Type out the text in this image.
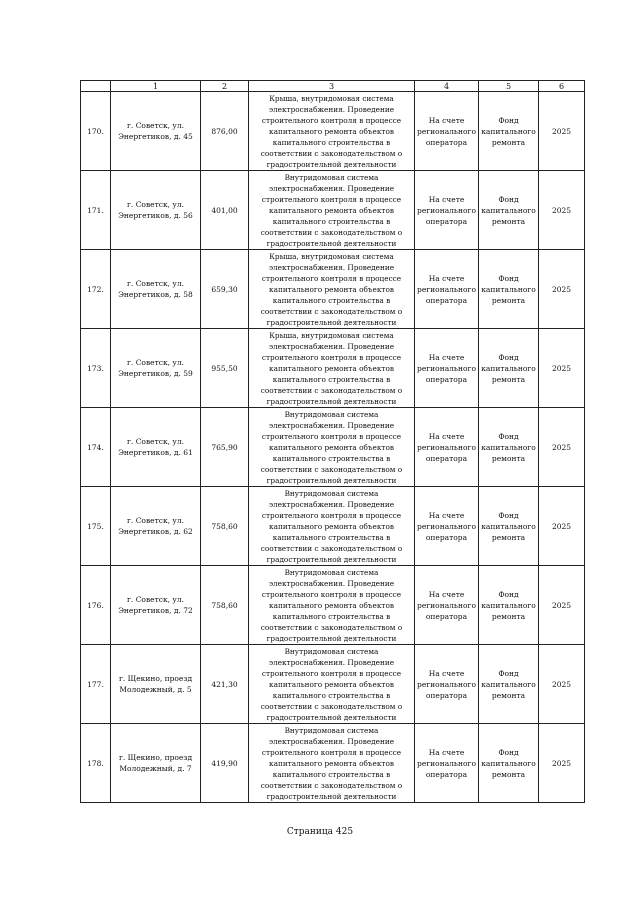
	1	2	3	4	5	6
170.	г. Советск, ул. Энергетиков, д. 45	876,00	Крыша, внутридомовая система электроснабжения. Проведение строительного контроля в процессе капитального ремонта объектов капитального строительства в соответствии с законодательством о градостроительной деятельности	На счете регионального оператора	Фонд капитального ремонта	2025
171.	г. Советск, ул. Энергетиков, д. 56	401,00	Внутридомовая система электроснабжения. Проведение строительного контроля в процессе капитального ремонта объектов капитального строительства в соответствии с законодательством о градостроительной деятельности	На счете регионального оператора	Фонд капитального ремонта	2025
172.	г. Советск, ул. Энергетиков, д. 58	659,30	Крыша, внутридомовая система электроснабжения. Проведение строительного контроля в процессе капитального ремонта объектов капитального строительства в соответствии с законодательством о градостроительной деятельности	На счете регионального оператора	Фонд капитального ремонта	2025
173.	г. Советск, ул. Энергетиков, д. 59	955,50	Крыша, внутридомовая система электроснабжения. Проведение строительного контроля в процессе капитального ремонта объектов капитального строительства в соответствии с законодательством о градостроительной деятельности	На счете регионального оператора	Фонд капитального ремонта	2025
174.	г. Советск, ул. Энергетиков, д. 61	765,90	Внутридомовая система электроснабжения. Проведение строительного контроля в процессе капитального ремонта объектов капитального строительства в соответствии с законодательством о градостроительной деятельности	На счете регионального оператора	Фонд капитального ремонта	2025
175.	г. Советск, ул. Энергетиков, д. 62	758,60	Внутридомовая система электроснабжения. Проведение строительного контроля в процессе капитального ремонта объектов капитального строительства в соответствии с законодательством о градостроительной деятельности	На счете регионального оператора	Фонд капитального ремонта	2025
176.	г. Советск, ул. Энергетиков, д. 72	758,60	Внутридомовая система электроснабжения. Проведение строительного контроля в процессе капитального ремонта объектов капитального строительства в соответствии с законодательством о градостроительной деятельности	На счете регионального оператора	Фонд капитального ремонта	2025
177.	г. Щекино, проезд Молодежный, д. 5	421,30	Внутридомовая система электроснабжения. Проведение строительного контроля в процессе капитального ремонта объектов капитального строительства в соответствии с законодательством о градостроительной деятельности	На счете регионального оператора	Фонд капитального ремонта	2025
178.	г. Щекино, проезд Молодежный, д. 7	419,90	Внутридомовая система электроснабжения. Проведение строительного контроля в процессе капитального ремонта объектов капитального строительства в соответствии с законодательством о градостроительной деятельности	На счете регионального оператора	Фонд капитального ремонта	2025
Страница 425
